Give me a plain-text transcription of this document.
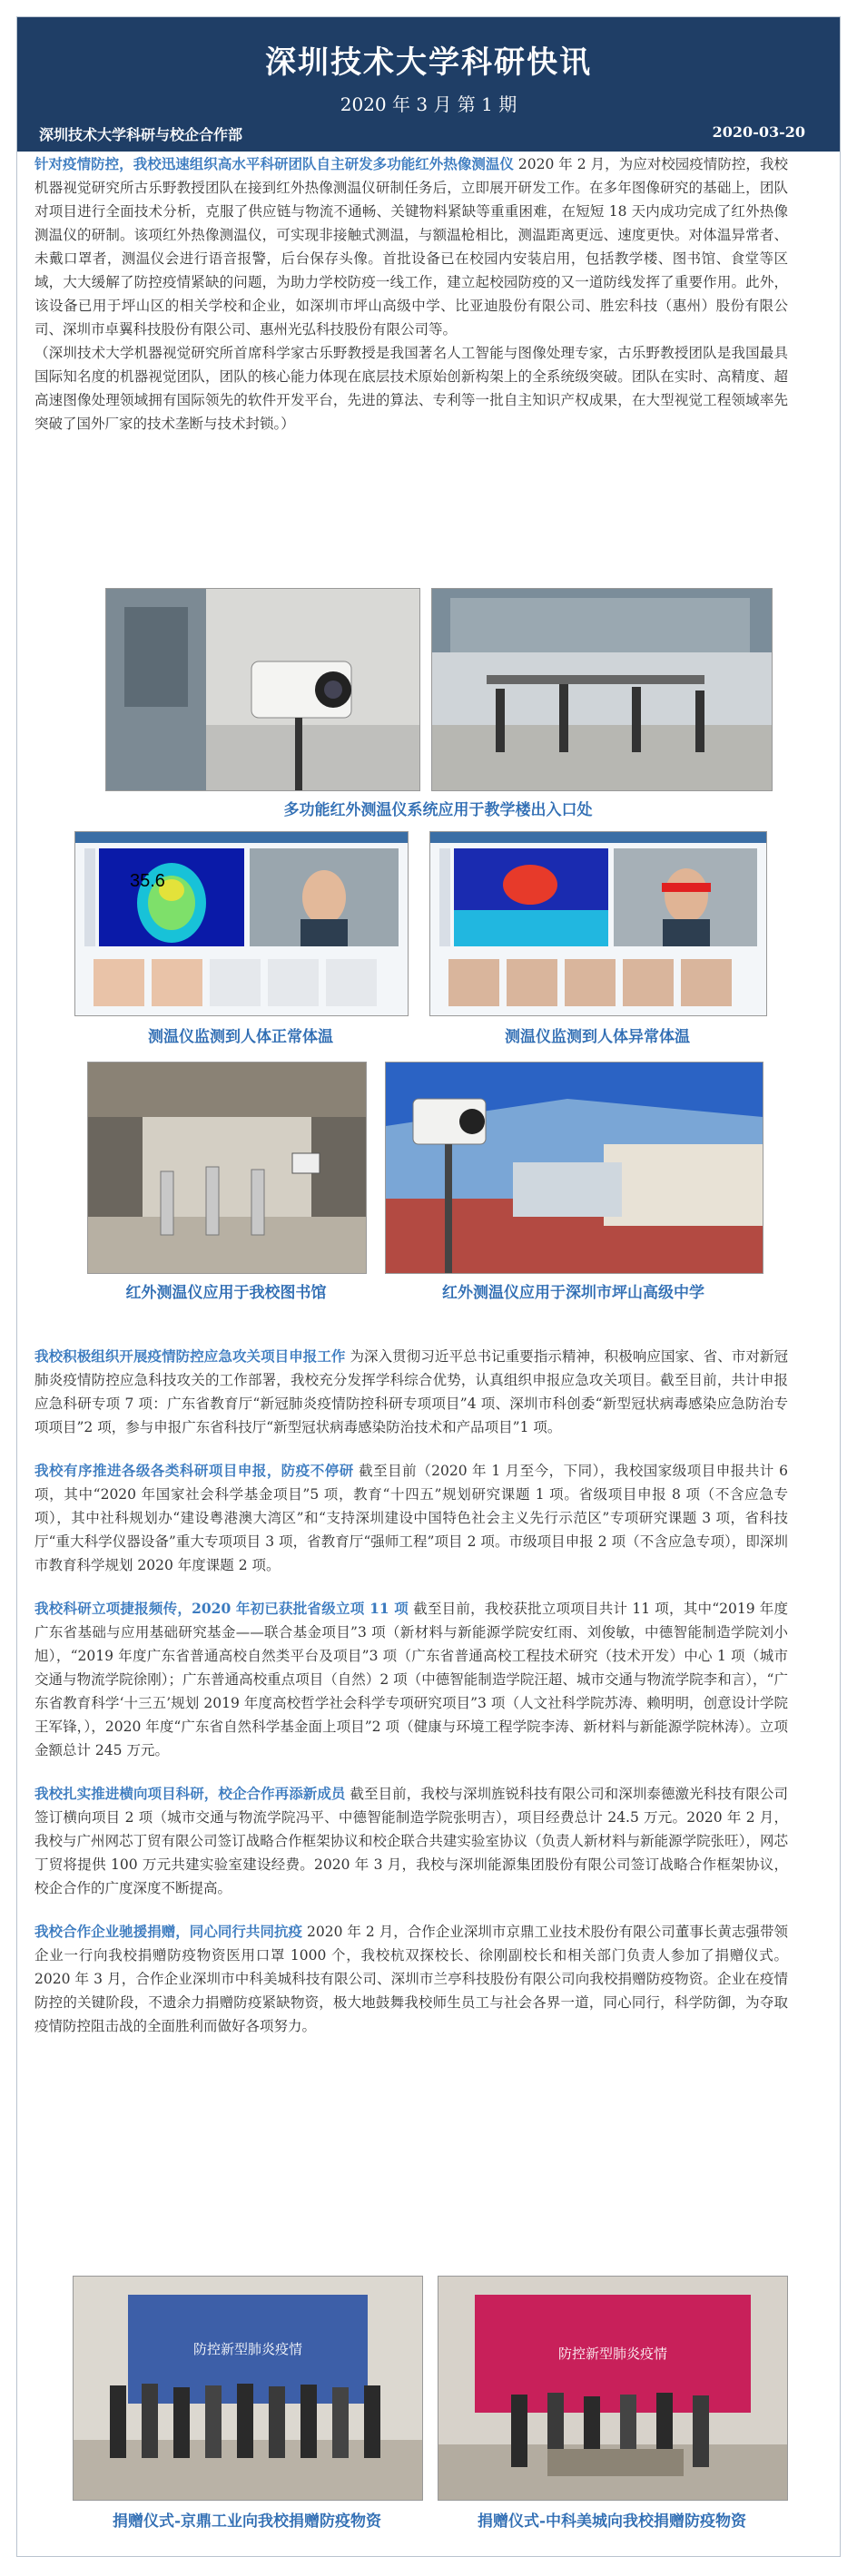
深圳技术大学科研快讯
2020 年 3 月 第 1 期
深圳技术大学科研与校企合作部	2020-03-20

针对疫情防控，我校迅速组织高水平科研团队自主研发多功能红外热像测温仪 2020 年 2 月，为应对校园疫情防控，我校机器视觉研究所古乐野教授团队在接到红外热像测温仪研制任务后，立即展开研发工作。在多年图像研究的基础上，团队对项目进行全面技术分析，克服了供应链与物流不通畅、关键物料紧缺等重重困难，在短短 18 天内成功完成了红外热像测温仪的研制。该项红外热像测温仪，可实现非接触式测温，与额温枪相比，测温距离更远、速度更快。对体温异常者、未戴口罩者，测温仪会进行语音报警，后台保存头像。首批设备已在校园内安装启用，包括教学楼、图书馆、食堂等区域，大大缓解了防控疫情紧缺的问题，为助力学校防疫一线工作，建立起校园防疫的又一道防线发挥了重要作用。此外，该设备已用于坪山区的相关学校和企业，如深圳市坪山高级中学、比亚迪股份有限公司、胜宏科技（惠州）股份有限公司、深圳市卓翼科技股份有限公司、惠州光弘科技股份有限公司等。
（深圳技术大学机器视觉研究所首席科学家古乐野教授是我国著名人工智能与图像处理专家，古乐野教授团队是我国最具国际知名度的机器视觉团队，团队的核心能力体现在底层技术原始创新构架上的全系统级突破。团队在实时、高精度、超高速图像处理领域拥有国际领先的软件开发平台，先进的算法、专利等一批自主知识产权成果，在大型视觉工程领域率先突破了国外厂家的技术垄断与技术封锁。）

多功能红外测温仪系统应用于教学楼出入口处
35.6
测温仪监测到人体正常体温	测温仪监测到人体异常体温
红外测温仪应用于我校图书馆	红外测温仪应用于深圳市坪山高级中学

我校积极组织开展疫情防控应急攻关项目申报工作 为深入贯彻习近平总书记重要指示精神，积极响应国家、省、市对新冠肺炎疫情防控应急科技攻关的工作部署，我校充分发挥学科综合优势，认真组织申报应急攻关项目。截至目前，共计申报应急科研专项 7 项：广东省教育厅“新冠肺炎疫情防控科研专项项目”4 项、深圳市科创委“新型冠状病毒感染应急防治专项项目”2 项，参与申报广东省科技厅“新型冠状病毒感染防治技术和产品项目”1 项。

我校有序推进各级各类科研项目申报，防疫不停研 截至目前（2020 年 1 月至今，下同），我校国家级项目申报共计 6 项，其中“2020 年国家社会科学基金项目”5 项，教育“十四五”规划研究课题 1 项。省级项目申报 8 项（不含应急专项），其中社科规划办“建设粤港澳大湾区”和“支持深圳建设中国特色社会主义先行示范区”专项研究课题 3 项，省科技厅“重大科学仪器设备”重大专项项目 3 项，省教育厅“强师工程”项目 2 项。市级项目申报 2 项（不含应急专项），即深圳市教育科学规划 2020 年度课题 2 项。

我校科研立项捷报频传，2020 年初已获批省级立项 11 项 截至目前，我校获批立项项目共计 11 项，其中“2019 年度广东省基础与应用基础研究基金——联合基金项目”3 项（新材料与新能源学院安红雨、刘俊敏，中德智能制造学院刘小旭），“2019 年度广东省普通高校自然类平台及项目”3 项（广东省普通高校工程技术研究（技术开发）中心 1 项（城市交通与物流学院徐刚）；广东普通高校重点项目（自然）2 项（中德智能制造学院汪超、城市交通与物流学院李和言），“广东省教育科学‘十三五’规划 2019 年度高校哲学社会科学专项研究项目”3 项（人文社科学院苏涛、赖明明，创意设计学院王军锋，），2020 年度“广东省自然科学基金面上项目”2 项（健康与环境工程学院李涛、新材料与新能源学院林涛）。立项金额总计 245 万元。

我校扎实推进横向项目科研，校企合作再添新成员 截至目前，我校与深圳旌锐科技有限公司和深圳泰德激光科技有限公司签订横向项目 2 项（城市交通与物流学院冯平、中德智能制造学院张明吉），项目经费总计 24.5 万元。2020 年 2 月，我校与广州网芯丁贸有限公司签订战略合作框架协议和校企联合共建实验室协议（负责人新材料与新能源学院张旺），网芯丁贸将提供 100 万元共建实验室建设经费。2020 年 3 月，我校与深圳能源集团股份有限公司签订战略合作框架协议，校企合作的广度深度不断提高。

我校合作企业驰援捐赠，同心同行共同抗疫 2020 年 2 月，合作企业深圳市京鼎工业技术股份有限公司董事长黄志强带领企业一行向我校捐赠防疫物资医用口罩 1000 个，我校杭双探校长、徐刚副校长和相关部门负责人参加了捐赠仪式。2020 年 3 月，合作企业深圳市中科美城科技有限公司、深圳市兰亭科技股份有限公司向我校捐赠防疫物资。企业在疫情防控的关键阶段，不遗余力捐赠防疫紧缺物资，极大地鼓舞我校师生员工与社会各界一道，同心同行，科学防御，为夺取疫情防控阻击战的全面胜利而做好各项努力。

防控新型肺炎疫情	防控新型肺炎疫情
捐赠仪式-京鼎工业向我校捐赠防疫物资	捐赠仪式-中科美城向我校捐赠防疫物资
